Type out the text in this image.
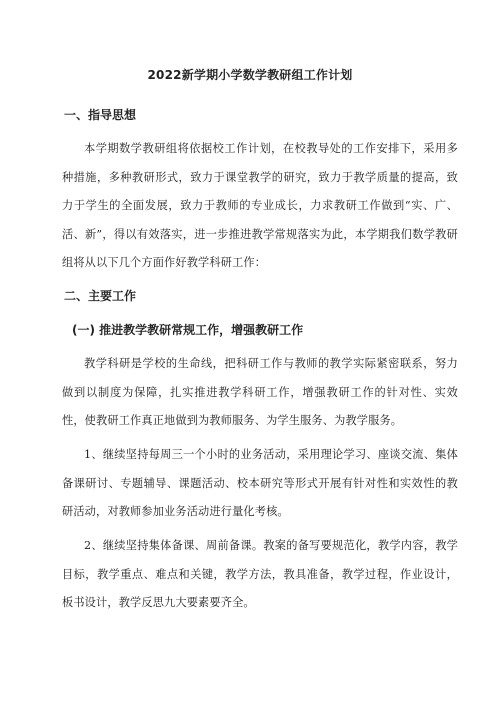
2022新学期小学数学教研组工作计划
一、指导思想
本学期数学教研组将依据校工作计划，在校教导处的工作安排下，采用多种措施，多种教研形式，致力于课堂教学的研究，致力于教学质量的提高，致力于学生的全面发展，致力于教师的专业成长，力求教研工作做到“实、广、活、新”，得以有效落实，进一步推进教学常规落实为此，本学期我们数学教研组将从以下几个方面作好教学科研工作：
二、主要工作
(一) 推进教学教研常规工作，增强教研工作
教学科研是学校的生命线，把科研工作与教师的教学实际紧密联系，努力做到以制度为保障，扎实推进教学科研工作，增强教研工作的针对性、实效性，使教研工作真正地做到为教师服务、为学生服务、为教学服务。
1、继续坚持每周三一个小时的业务活动，采用理论学习、座谈交流、集体备课研讨、专题辅导、课题活动、校本研究等形式开展有针对性和实效性的教研活动，对教师参加业务活动进行量化考核。
2、继续坚持集体备课、周前备课。教案的备写要规范化，教学内容，教学目标，教学重点、难点和关键，教学方法，教具准备，教学过程，作业设计，板书设计，教学反思九大要素要齐全。
